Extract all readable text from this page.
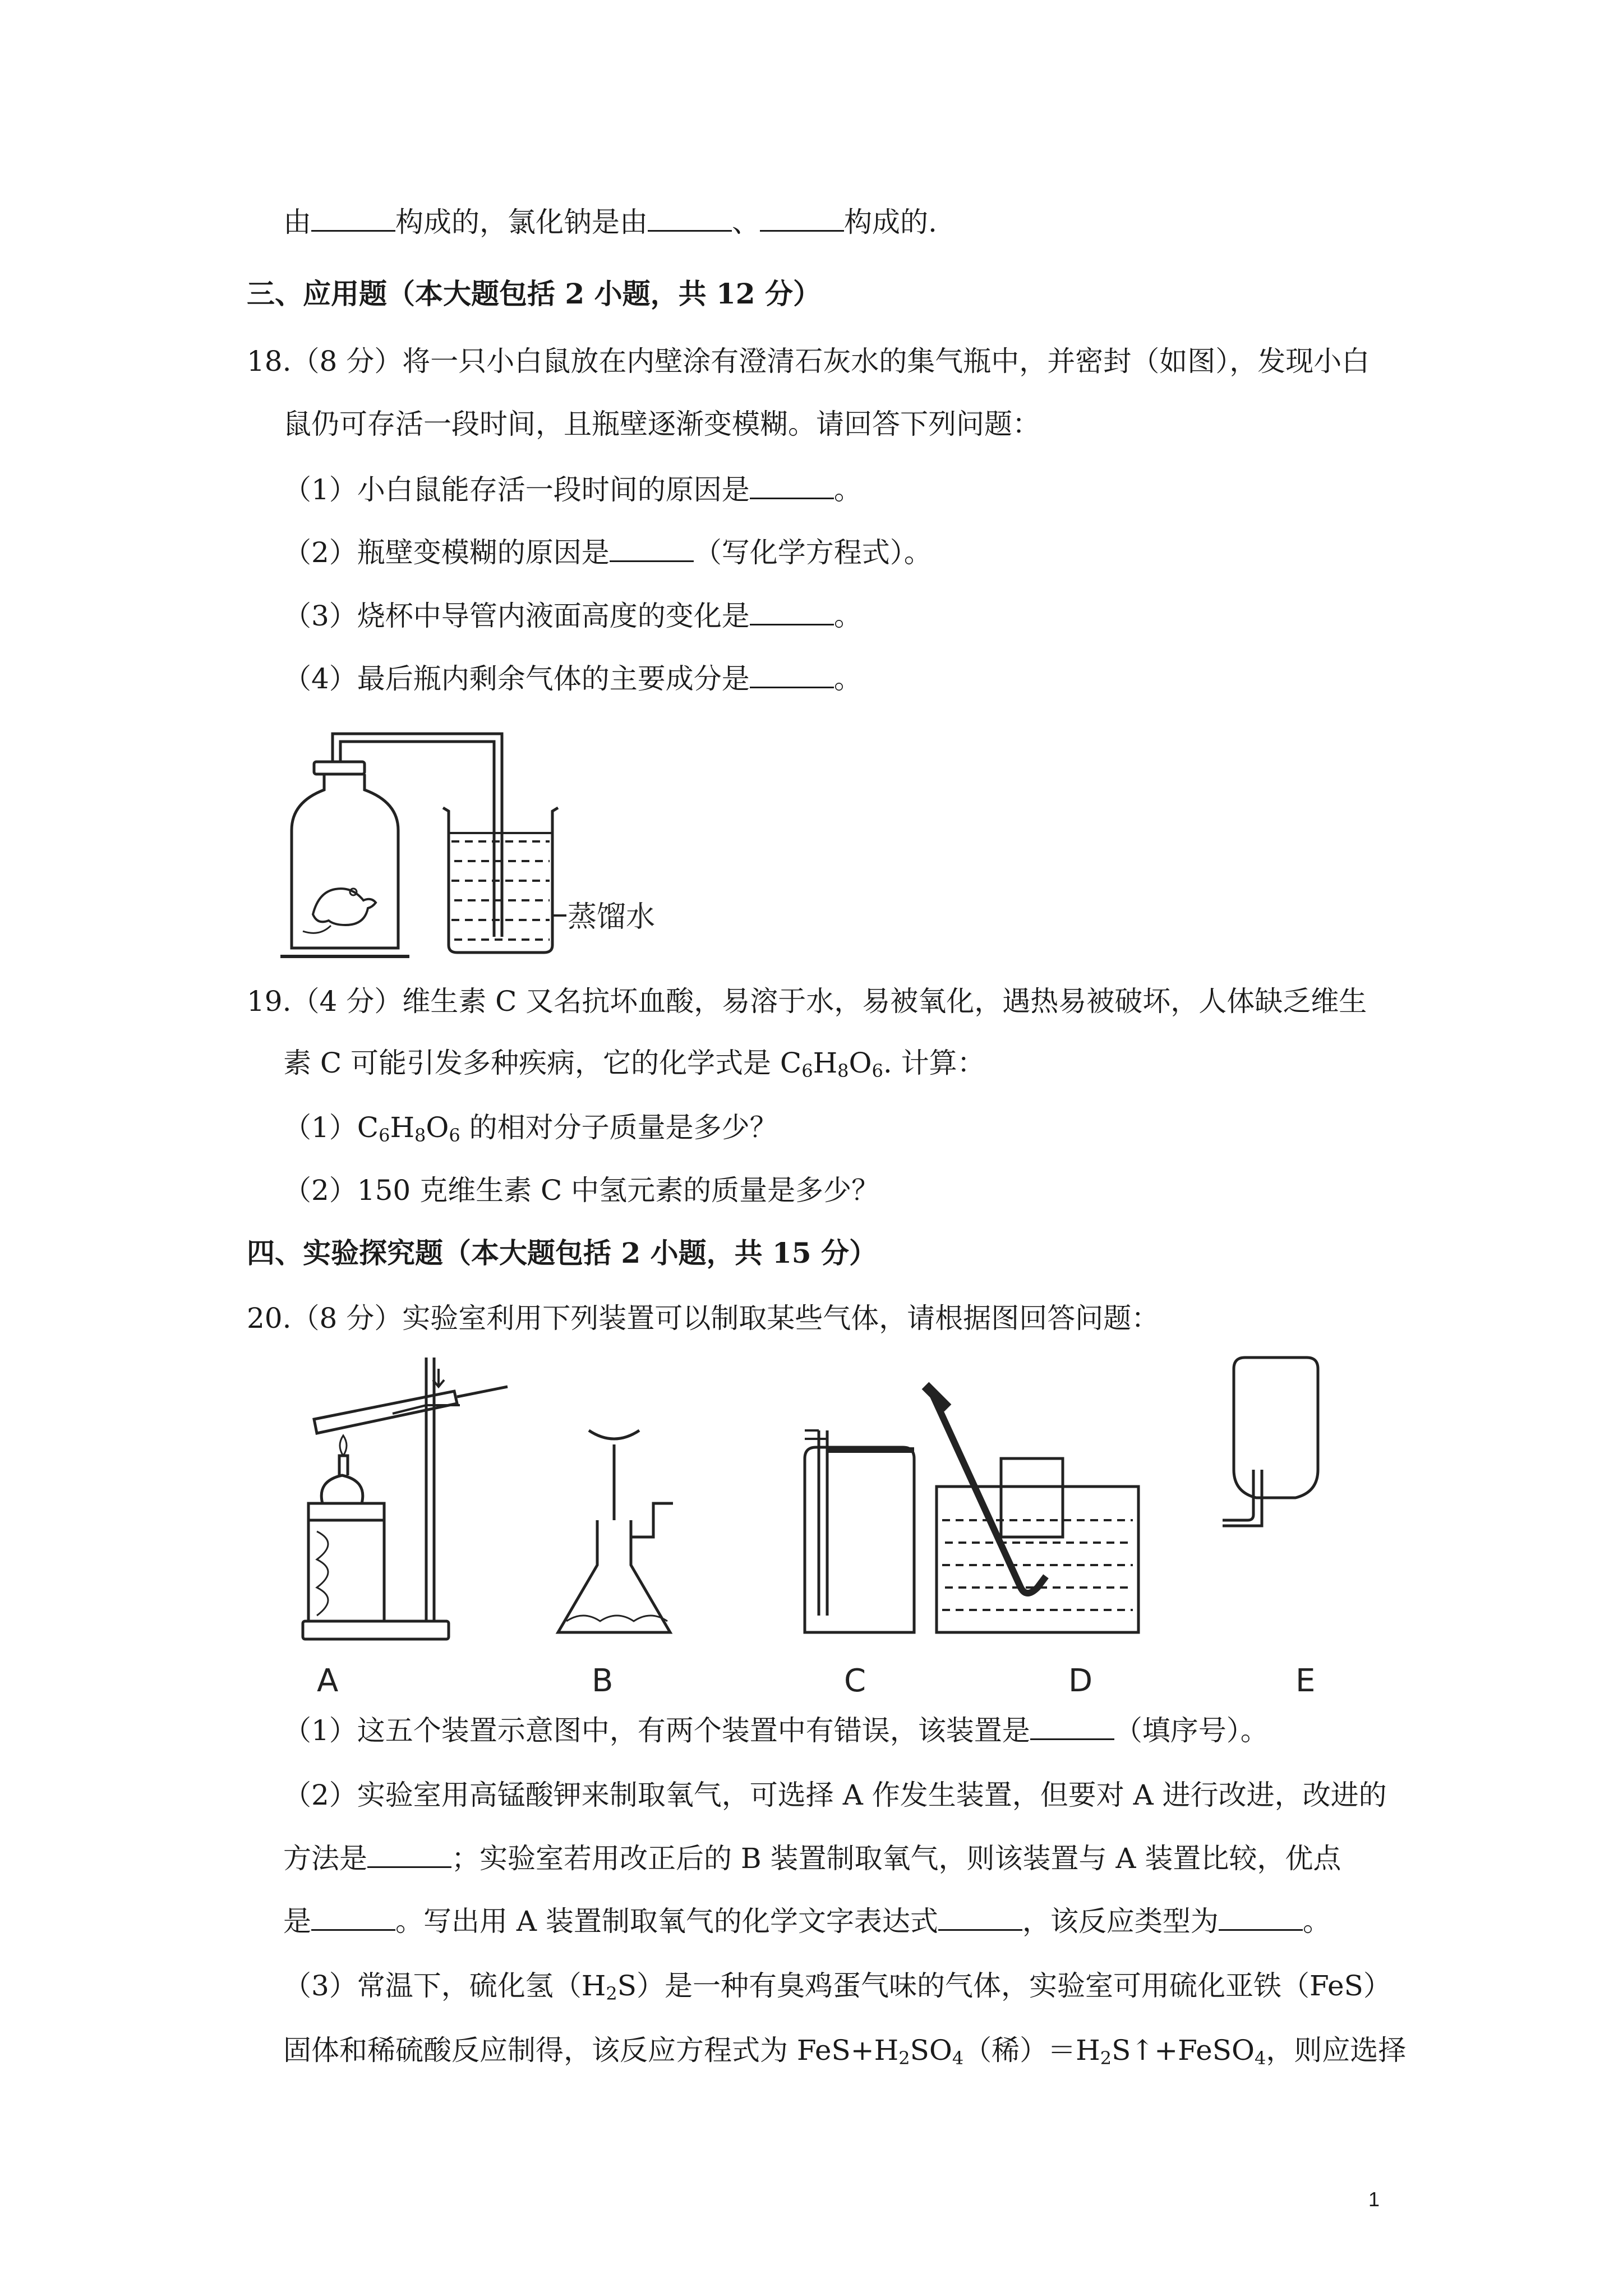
由	构成的，氯化钠是由	、	构成的.
三、应用题（本大题包括 2 小题，共 12 分）
18.（8 分）将一只小白鼠放在内壁涂有澄清石灰水的集气瓶中，并密封（如图），发现小白
鼠仍可存活一段时间，且瓶壁逐渐变模糊。请回答下列问题：
（1）小白鼠能存活一段时间的原因是	。
（2）瓶壁变模糊的原因是	（写化学方程式）。
（3）烧杯中导管内液面高度的变化是	。
（4）最后瓶内剩余气体的主要成分是	。
蒸馏水
19.（4 分）维生素 C 又名抗坏血酸，易溶于水，易被氧化，遇热易被破坏，人体缺乏维生
素 C 可能引发多种疾病，它的化学式是 $C_6H_8O_6$. 计算：
$(1)C_6H_8O_6$ 的相对分子质量是多少？
（2）150 克维生素 C 中氢元素的质量是多少？
四、实验探究题（本大题包括 2 小题，共 15 分）
20.（8 分）实验室利用下列装置可以制取某些气体，请根据图回答问题：
A	B	C	D	E
（1）这五个装置示意图中，有两个装置中有错误，该装置是	（填序号）。
（2）实验室用高锰酸钾来制取氧气，可选择 A 作发生装置，但要对 A 进行改进，改进的
方法是	；实验室若用改正后的 B 装置制取氧气，则该装置与 A 装置比较，优点
是	。写出用 A 装置制取氧气的化学文字表达式	，该反应类型为	。
（3）常温下，硫化氢$(H_2S)$是一种有臭鸡蛋气味的气体，实验室可用硫化亚铁（FeS）
固体和稀硫酸反应制得，该反应方程式为 $FeS+H_2SO_4$（稀）$=H_2S↑+FeSO_4$，则应选择
1
